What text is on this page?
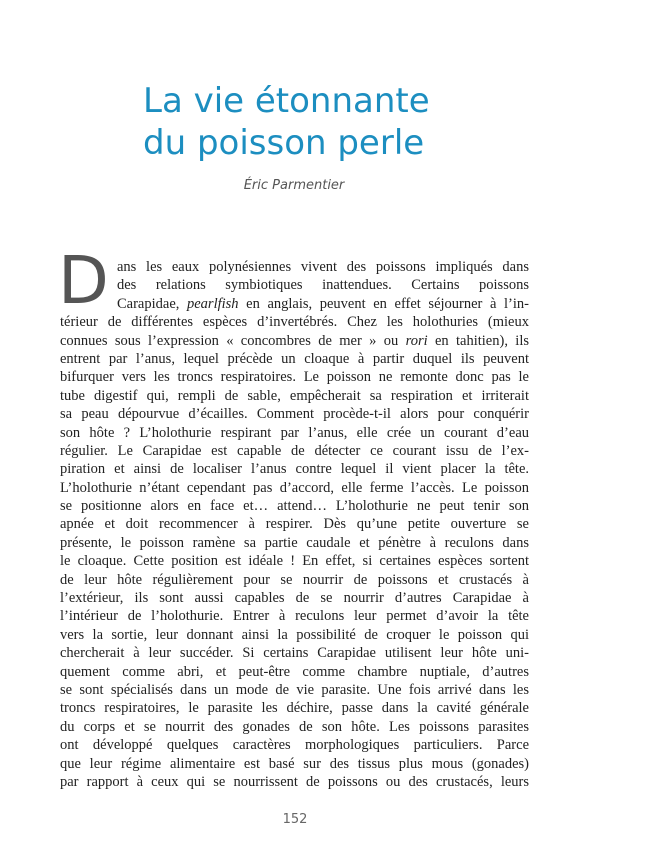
La vie étonnante
du poisson perle
Éric Parmentier
D ans les eaux polynésiennes vivent des poissons impliqués dans
des relations symbiotiques inattendues. Certains poissons
Carapidae, pearlfish en anglais, peuvent en effet séjourner à l’in-
térieur de différentes espèces d’invertébrés. Chez les holothuries (mieux
connues sous l’expression « concombres de mer » ou rori en tahitien), ils
entrent par l’anus, lequel précède un cloaque à partir duquel ils peuvent
bifurquer vers les troncs respiratoires. Le poisson ne remonte donc pas le
tube digestif qui, rempli de sable, empêcherait sa respiration et irriterait
sa peau dépourvue d’écailles. Comment procède-t-il alors pour conquérir
son hôte ? L’holothurie respirant par l’anus, elle crée un courant d’eau
régulier. Le Carapidae est capable de détecter ce courant issu de l’ex-
piration et ainsi de localiser l’anus contre lequel il vient placer la tête.
L’holothurie n’étant cependant pas d’accord, elle ferme l’accès. Le poisson
se positionne alors en face et… attend… L’holothurie ne peut tenir son
apnée et doit recommencer à respirer. Dès qu’une petite ouverture se
présente, le poisson ramène sa partie caudale et pénètre à reculons dans
le cloaque. Cette position est idéale ! En effet, si certaines espèces sortent
de leur hôte régulièrement pour se nourrir de poissons et crustacés à
l’extérieur, ils sont aussi capables de se nourrir d’autres Carapidae à
l’intérieur de l’holothurie. Entrer à reculons leur permet d’avoir la tête
vers la sortie, leur donnant ainsi la possibilité de croquer le poisson qui
chercherait à leur succéder. Si certains Carapidae utilisent leur hôte uni-
quement comme abri, et peut-être comme chambre nuptiale, d’autres
se sont spécialisés dans un mode de vie parasite. Une fois arrivé dans les
troncs respiratoires, le parasite les déchire, passe dans la cavité générale
du corps et se nourrit des gonades de son hôte. Les poissons parasites
ont développé quelques caractères morphologiques particuliers. Parce
que leur régime alimentaire est basé sur des tissus plus mous (gonades)
par rapport à ceux qui se nourrissent de poissons ou des crustacés, leurs
152
